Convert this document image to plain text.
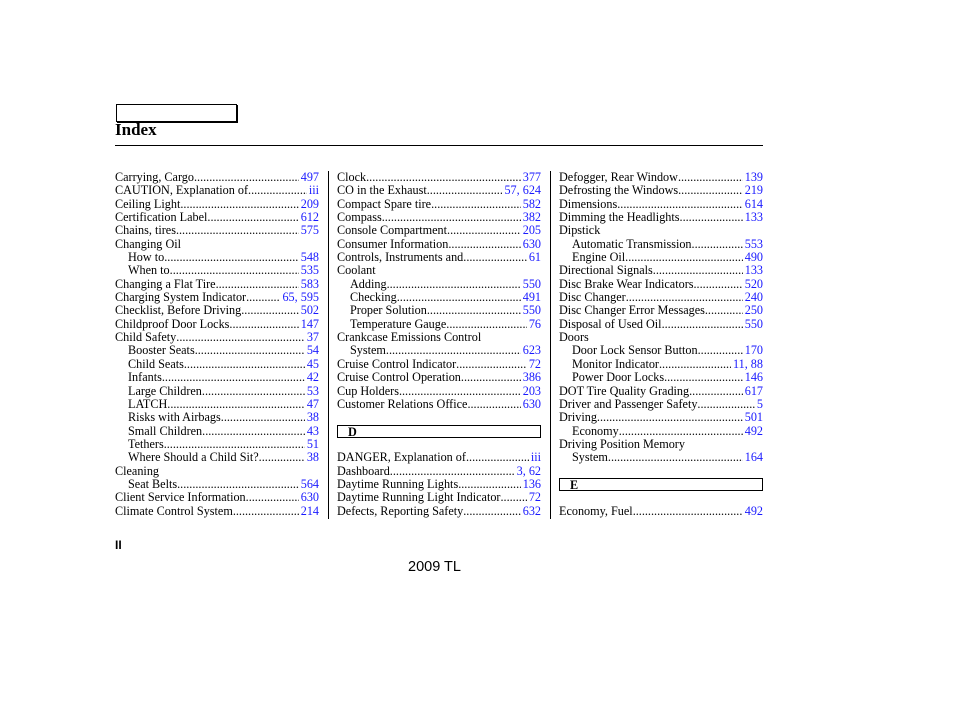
Index
Carrying, Cargo .....	497
CAUTION, Explanation of .....	iii
Ceiling Light .....	209
Certification Label .....	612
Chains, tires .....	575
Changing Oil
How to .....	548
When to .....	535
Changing a Flat Tire .....	583
Charging System Indicator .....	65, 595
Checklist, Before Driving .....	502
Childproof Door Locks .....	147
Child Safety .....	37
Booster Seats .....	54
Child Seats .....	45
Infants .....	42
Large Children .....	53
LATCH .....	47
Risks with Airbags .....	38
Small Children .....	43
Tethers .....	51
Where Should a Child Sit? .....	38
Cleaning
Seat Belts .....	564
Client Service Information .....	630
Climate Control System .....	214
Clock .....	377
CO in the Exhaust .....	57, 624
Compact Spare tire .....	582
Compass .....	382
Console Compartment .....	205
Consumer Information .....	630
Controls, Instruments and .....	61
Coolant
Adding .....	550
Checking .....	491
Proper Solution .....	550
Temperature Gauge .....	76
Crankcase Emissions Control
System .....	623
Cruise Control Indicator .....	72
Cruise Control Operation .....	386
Cup Holders .....	203
Customer Relations Office .....	630
D
DANGER, Explanation of .....	iii
Dashboard .....	3, 62
Daytime Running Lights .....	136
Daytime Running Light Indicator ..... 72
Defects, Reporting Safety .....	632
Defogger, Rear Window .....	139
Defrosting the Windows .....	219
Dimensions .....	614
Dimming the Headlights .....	133
Dipstick
Automatic Transmission .....	553
Engine Oil .....	490
Directional Signals .....	133
Disc Brake Wear Indicators .....	520
Disc Changer .....	240
Disc Changer Error Messages .....	250
Disposal of Used Oil .....	550
Doors
Door Lock Sensor Button .....	170
Monitor Indicator .....	11, 88
Power Door Locks .....	146
DOT Tire Quality Grading .....	617
Driver and Passenger Safety .....	5
Driving .....	501
Economy .....	492
Driving Position Memory
System .....	164
E
Economy, Fuel .....	492
II
2009 TL
